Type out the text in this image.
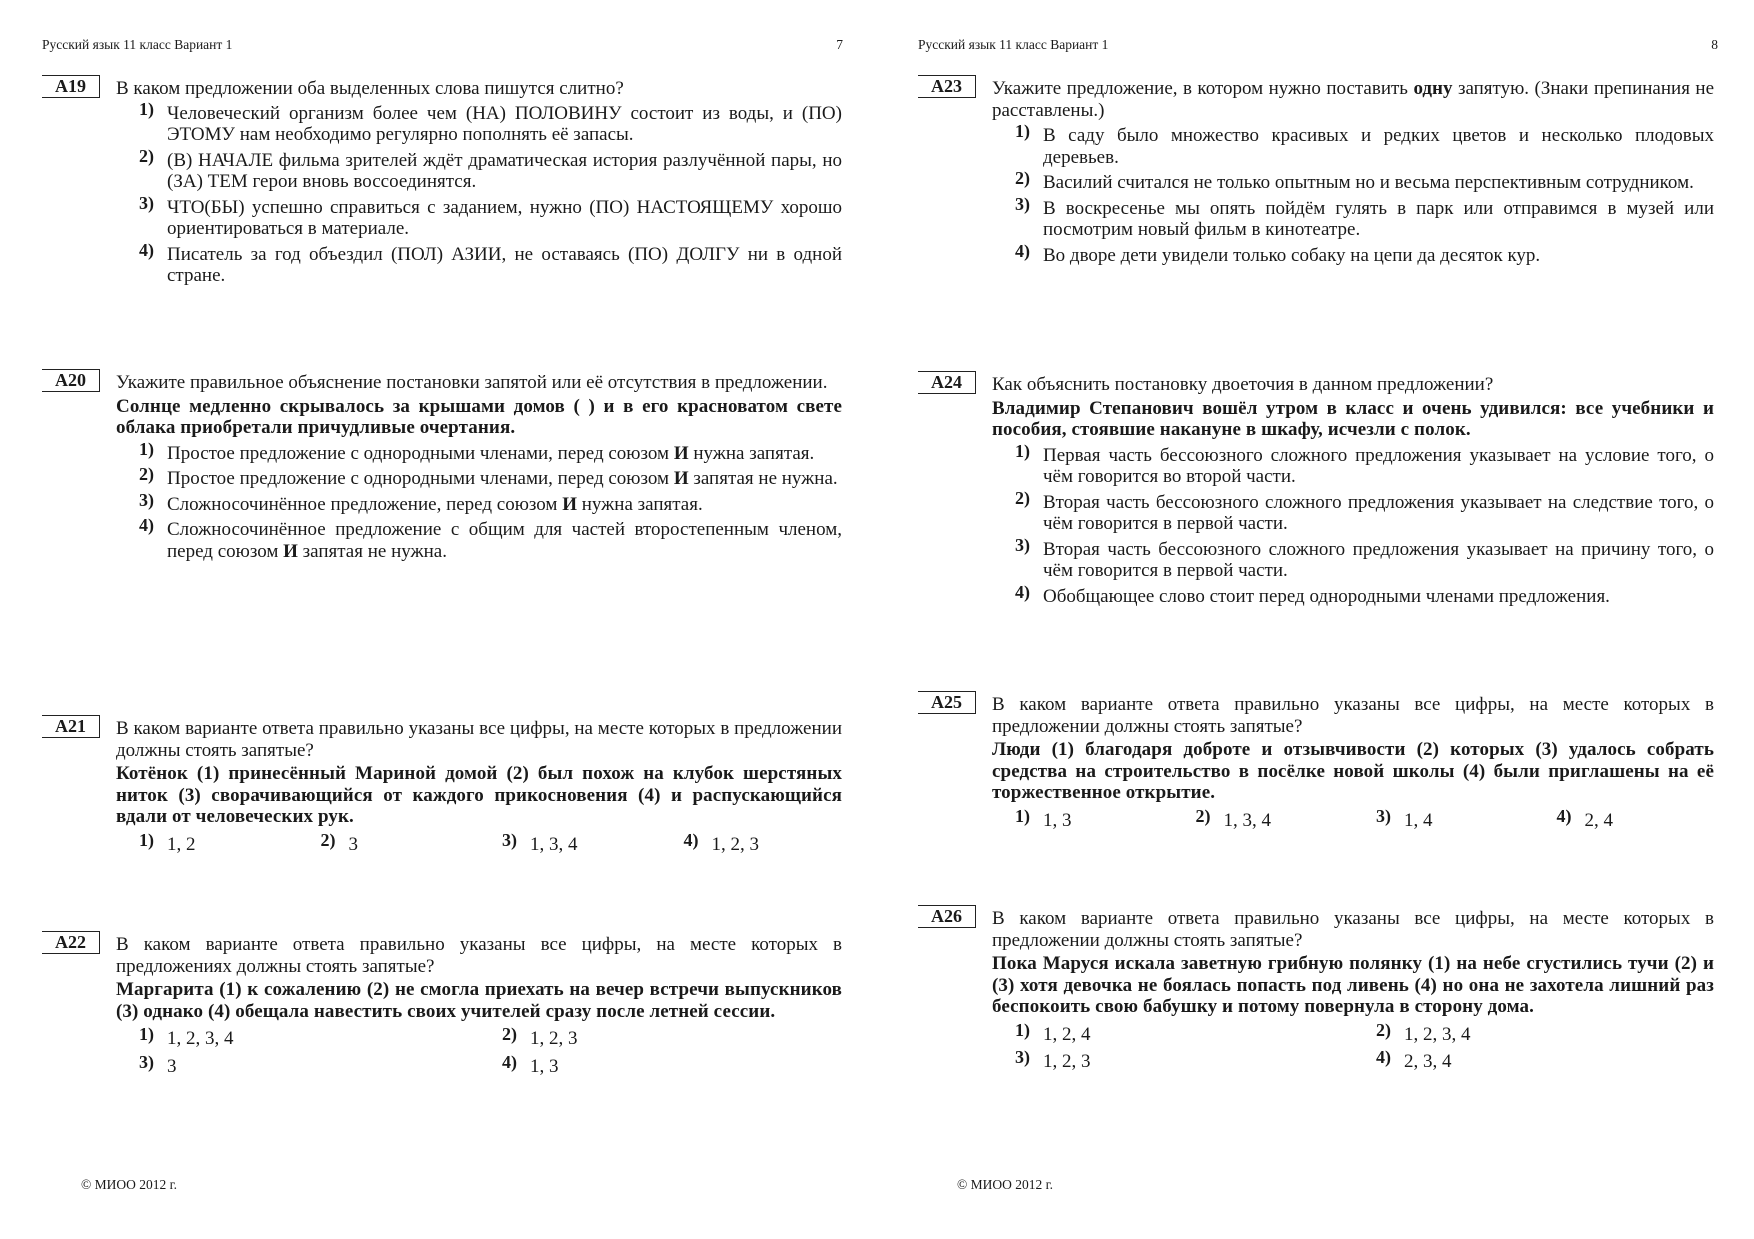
Русский язык 11 класс Вариант 1	7
А19	В каком предложении оба выделенных слова пишутся слитно?

1) Человеческий организм более чем (НА) ПОЛОВИНУ состоит из воды, и (ПО) ЭТОМУ нам необходимо регулярно пополнять её запасы.
2) (В) НАЧАЛЕ фильма зрителей ждёт драматическая история разлучённой пары, но (ЗА) ТЕМ герои вновь воссоединятся.
3) ЧТО(БЫ) успешно справиться с заданием, нужно (ПО) НАСТОЯЩЕМУ хорошо ориентироваться в материале.
4) Писатель за год объездил (ПОЛ) АЗИИ, не оставаясь (ПО) ДОЛГУ ни в одной стране.
А20	Укажите правильное объяснение постановки запятой или её отсутствия в предложении.

Солнце медленно скрывалось за крышами домов ( ) и в его красноватом свете облака приобретали причудливые очертания.

1) Простое предложение с однородными членами, перед союзом И нужна запятая.
2) Простое предложение с однородными членами, перед союзом И запятая не нужна.
3) Сложносочинённое предложение, перед союзом И нужна запятая.
4) Сложносочинённое предложение с общим для частей второстепенным членом, перед союзом И запятая не нужна.
А21	В каком варианте ответа правильно указаны все цифры, на месте которых в предложении должны стоять запятые?

Котёнок (1) принесённый Мариной домой (2) был похож на клубок шерстяных ниток (3) сворачивающийся от каждого прикосновения (4) и распускающийся вдали от человеческих рук.

1) 1, 2	2) 3	3) 1, 3, 4	4) 1, 2, 3
А22	В каком варианте ответа правильно указаны все цифры, на месте которых в предложениях должны стоять запятые?

Маргарита (1) к сожалению (2) не смогла приехать на вечер встречи выпускников (3) однако (4) обещала навестить своих учителей сразу после летней сессии.

1) 1, 2, 3, 4	2) 1, 2, 3
3) 3	4) 1, 3
© МИОО 2012 г.
Русский язык 11 класс Вариант 1	8
А23	Укажите предложение, в котором нужно поставить одну запятую. (Знаки препинания не расставлены.)

1) В саду было множество красивых и редких цветов и несколько плодовых деревьев.
2) Василий считался не только опытным но и весьма перспективным сотрудником.
3) В воскресенье мы опять пойдём гулять в парк или отправимся в музей или посмотрим новый фильм в кинотеатре.
4) Во дворе дети увидели только собаку на цепи да десяток кур.
А24	Как объяснить постановку двоеточия в данном предложении?

Владимир Степанович вошёл утром в класс и очень удивился: все учебники и пособия, стоявшие накануне в шкафу, исчезли с полок.

1) Первая часть бессоюзного сложного предложения указывает на условие того, о чём говорится во второй части.
2) Вторая часть бессоюзного сложного предложения указывает на следствие того, о чём говорится в первой части.
3) Вторая часть бессоюзного сложного предложения указывает на причину того, о чём говорится в первой части.
4) Обобщающее слово стоит перед однородными членами предложения.
А25	В каком варианте ответа правильно указаны все цифры, на месте которых в предложении должны стоять запятые?

Люди (1) благодаря доброте и отзывчивости (2) которых (3) удалось собрать средства на строительство в посёлке новой школы (4) были приглашены на её торжественное открытие.

1) 1, 3	2) 1, 3, 4	3) 1, 4	4) 2, 4
А26	В каком варианте ответа правильно указаны все цифры, на месте которых в предложении должны стоять запятые?

Пока Маруся искала заветную грибную полянку (1) на небе сгустились тучи (2) и (3) хотя девочка не боялась попасть под ливень (4) но она не захотела лишний раз беспокоить свою бабушку и потому повернула в сторону дома.

1) 1, 2, 4	2) 1, 2, 3, 4
3) 1, 2, 3	4) 2, 3, 4
© МИОО 2012 г.
